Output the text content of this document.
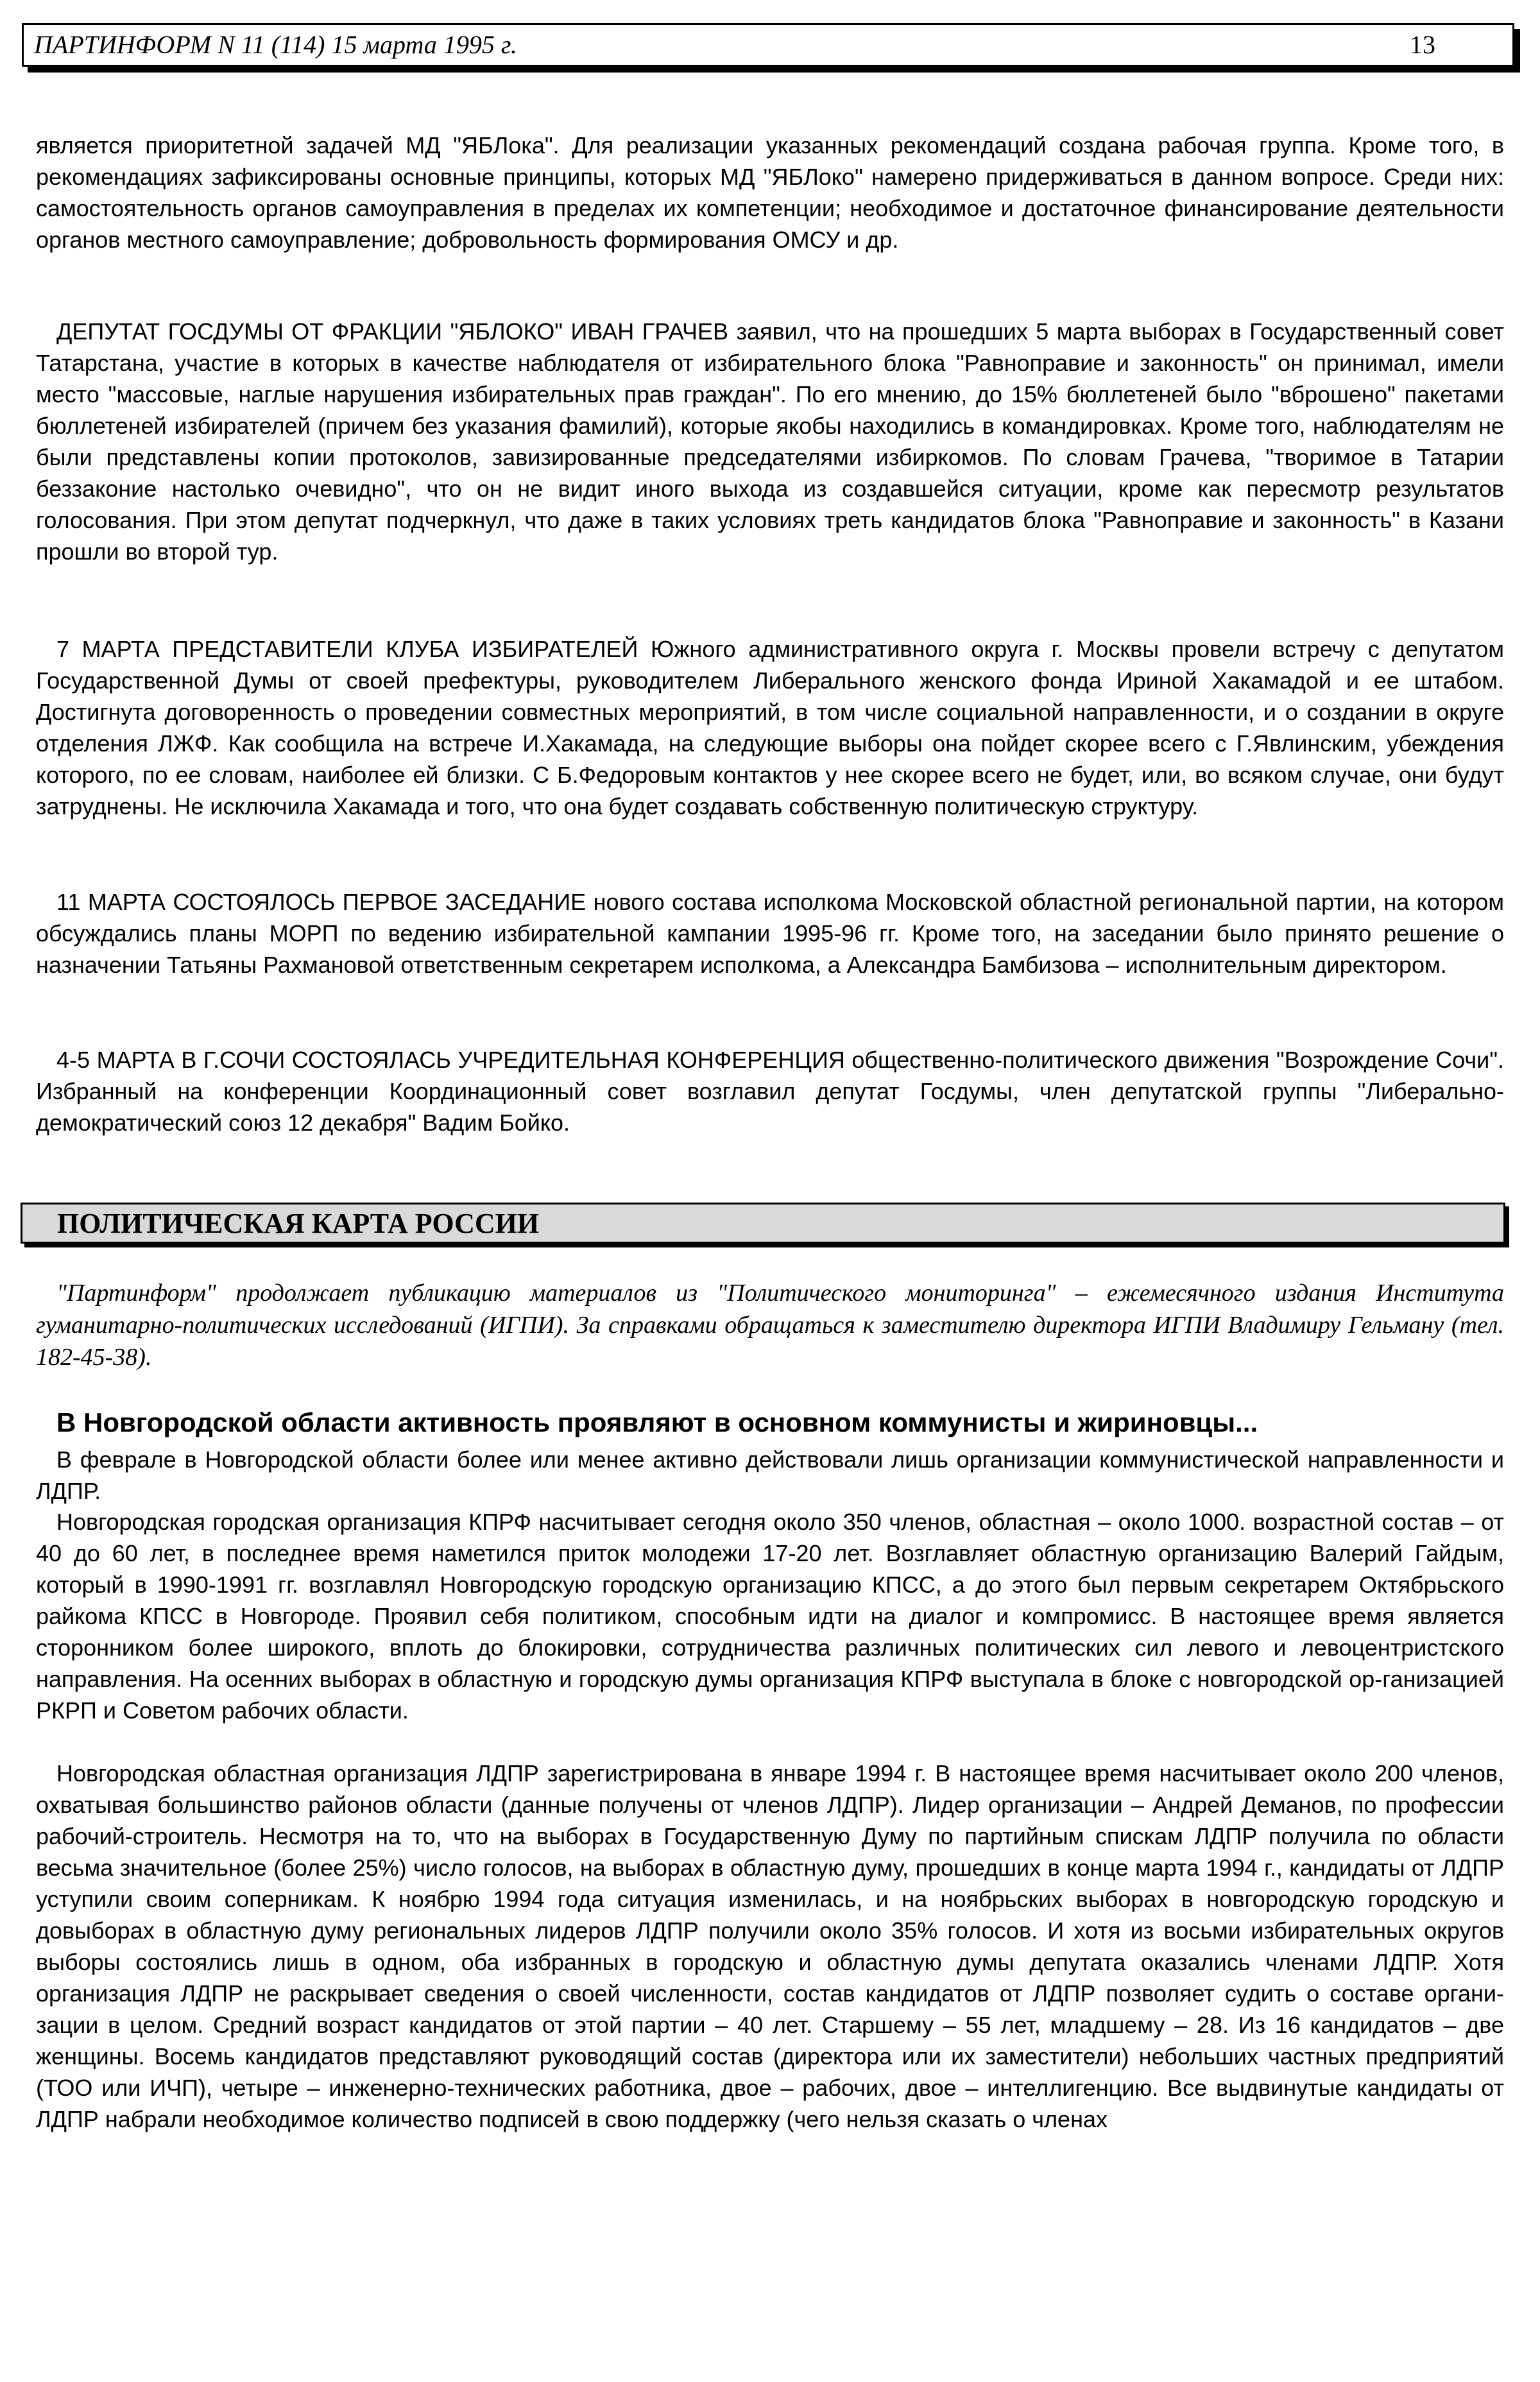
ПАРТИНФОРМ N 11 (114) 15 марта 1995 г.	13

является приоритетной задачей МД "ЯБЛока". Для реализации указанных рекомендаций создана рабочая группа. Кроме того, в рекомендациях зафиксированы основные принципы, которых МД "ЯБЛоко" намерено придерживаться в данном вопросе. Среди них: самостоятельность органов самоуправления в пределах их компетенции; необходимое и достаточное финансирование деятельности органов местного самоуправление; добровольность формирования ОМСУ и др.

ДЕПУТАТ ГОСДУМЫ ОТ ФРАКЦИИ "ЯБЛОКО" ИВАН ГРАЧЕВ заявил, что на прошедших 5 марта выборах в Государственный совет Татарстана, участие в которых в качестве наблюдателя от избирательного блока "Равноправие и законность" он принимал, имели место "массовые, наглые нарушения избирательных прав граждан". По его мнению, до 15% бюллетеней было "вброшено" пакетами бюллетеней избирателей (причем без указания фамилий), которые якобы находились в командировках. Кроме того, наблюдателям не были представлены копии протоколов, завизированные председателями избиркомов. По словам Грачева, "творимое в Татарии беззаконие настолько очевидно", что он не видит иного выхода из создавшейся ситуации, кроме как пересмотр результатов голосования. При этом депутат подчеркнул, что даже в таких условиях треть кандидатов блока "Равноправие и законность" в Казани прошли во второй тур.

7 МАРТА ПРЕДСТАВИТЕЛИ КЛУБА ИЗБИРАТЕЛЕЙ Южного административного округа г. Москвы провели встречу с депутатом Государственной Думы от своей префектуры, руководителем Либерального женского фонда Ириной Хакамадой и ее штабом. Достигнута договоренность о проведении совместных мероприятий, в том числе социальной направленности, и о создании в округе отделения ЛЖФ. Как сообщила на встрече И.Хакамада, на следующие выборы она пойдет скорее всего с Г.Явлинским, убеждения которого, по ее словам, наиболее ей близки. С Б.Федоровым контактов у нее скорее всего не будет, или, во всяком случае, они будут затруднены. Не исключила Хакамада и того, что она будет создавать собственную политическую структуру.

11 МАРТА СОСТОЯЛОСЬ ПЕРВОЕ ЗАСЕДАНИЕ нового состава исполкома Московской областной региональной партии, на котором обсуждались планы МОРП по ведению избирательной кампании 1995-96 гг. Кроме того, на заседании было принято решение о назначении Татьяны Рахмановой ответственным секретарем исполкома, а Александра Бамбизова – исполнительным директором.

4-5 МАРТА В Г.СОЧИ СОСТОЯЛАСЬ УЧРЕДИТЕЛЬНАЯ КОНФЕРЕНЦИЯ общественно-политического движения "Возрождение Сочи". Избранный на конференции Координационный совет возглавил депутат Госдумы, член депутатской группы "Либерально-демократический союз 12 декабря" Вадим Бойко.

ПОЛИТИЧЕСКАЯ КАРТА РОССИИ

"Партинформ" продолжает публикацию материалов из "Политического мониторинга" – ежемесячного издания Института гуманитарно-политических исследований (ИГПИ). За справками обращаться к заместителю директора ИГПИ Владимиру Гельману (тел. 182-45-38).

В Новгородской области активность проявляют в основном коммунисты и жириновцы...

В феврале в Новгородской области более или менее активно действовали лишь организации коммунистической направленности и ЛДПР.

Новгородская городская организация КПРФ насчитывает сегодня около 350 членов, областная – около 1000. возрастной состав – от 40 до 60 лет, в последнее время наметился приток молодежи 17-20 лет. Возглавляет областную организацию Валерий Гайдым, который в 1990-1991 гг. возглавлял Новгородскую городскую организацию КПСС, а до этого был первым секретарем Октябрьского райкома КПСС в Новгороде. Проявил себя политиком, способным идти на диалог и компромисс. В настоящее время является сторонником более широкого, вплоть до блокировки, сотрудничества различных политических сил левого и левоцентристского направления. На осенних выборах в областную и городскую думы организация КПРФ выступала в блоке с новгородской ор-ганизацией РКРП и Советом рабочих области.

Новгородская областная организация ЛДПР зарегистрирована в январе 1994 г. В настоящее время насчитывает около 200 членов, охватывая большинство районов области (данные получены от членов ЛДПР). Лидер организации – Андрей Деманов, по профессии рабочий-строитель. Несмотря на то, что на выборах в Государственную Думу по партийным спискам ЛДПР получила по области весьма значительное (более 25%) число голосов, на выборах в областную думу, прошедших в конце марта 1994 г., кандидаты от ЛДПР уступили своим соперникам. К ноябрю 1994 года ситуация изменилась, и на ноябрьских выборах в новгородскую городскую и довыборах в областную думу региональных лидеров ЛДПР получили около 35% голосов. И хотя из восьми избирательных округов выборы состоялись лишь в одном, оба избранных в городскую и областную думы депутата оказались членами ЛДПР. Хотя организация ЛДПР не раскрывает сведения о своей численности, состав кандидатов от ЛДПР позволяет судить о составе органи-зации в целом. Средний возраст кандидатов от этой партии – 40 лет. Старшему – 55 лет, младшему – 28. Из 16 кандидатов – две женщины. Восемь кандидатов представляют руководящий состав (директора или их заместители) небольших частных предприятий (ТОО или ИЧП), четыре – инженерно-технических работника, двое – рабочих, двое – интеллигенцию. Все выдвинутые кандидаты от ЛДПР набрали необходимое количество подписей в свою поддержку (чего нельзя сказать о членах
